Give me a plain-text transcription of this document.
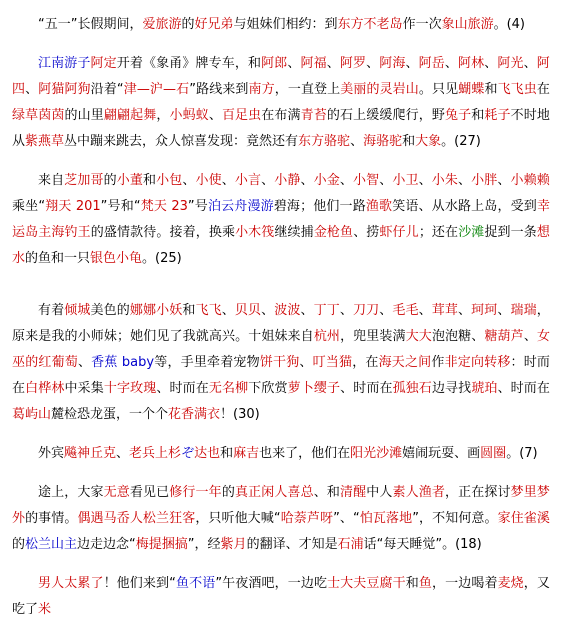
“五一”长假期间，爱旅游的好兄弟与姐妹们相约：到东方不老岛作一次象山旅游。(4)

江南游子阿定开着《象甬》牌专车，和阿郎、阿福、阿罗、阿海、阿岳、阿林、阿光、阿四、阿猫阿狗沿着“津—沪—石”路线来到南方，一直登上美丽的灵岩山。只见蝴蝶和飞飞虫在绿草茵茵的山里翩翩起舞，小蚂蚁、百足虫在布满青苔的石上缓缓爬行，野兔子和耗子不时地从紫燕草丛中蹦来跳去，众人惊喜发现：竟然还有东方骆驼、海骆驼和大象。(27)

来自芝加哥的小董和小包、小使、小言、小静、小金、小智、小卫、小朱、小胖、小赖赖乘坐“翔天 201”号和“梵天 23”号泊云舟漫游碧海；他们一路渔歌笑语、从水路上岛，受到幸运岛主海钓王的盛情款待。接着，换乘小木筏继续捕金枪鱼、捞虾仔儿；还在沙滩捉到一条想水的鱼和一只银色小龟。(25)

有着倾城美色的娜娜小妖和飞飞、贝贝、波波、丁丁、刀刀、毛毛、茸茸、珂珂、瑞瑞，原来是我的小师妹；她们见了我就高兴。十姐妹来自杭州，兜里装满大大泡泡糖、糖葫芦、女巫的红葡萄、香蕉 baby等，手里牵着宠物饼干狗、叮当猫，在海天之间作非定向转移：时而在白桦林中采集十字玫瑰、时而在无名柳下欣赏萝卜缨子、时而在孤独石边寻找琥珀、时而在葛屿山麓检恐龙蛋，一个个花香满衣！(30)

外宾飚神丘克、老兵上杉ぞ达也和麻吉也来了，他们在阳光沙滩嬉闹玩耍、画圆圈。(7)

途上，大家无意看见已修行一年的真正闲人喜总、和清醒中人素人渔者，正在探讨梦里梦外的事情。偶遇马岙人松兰狂客，只听他大喊“哈萘芦呀”、“怕瓦落地”，不知何意。家住雀溪的松兰山主边走边念“梅提捆搞”，经紫月的翻译、才知是石浦话“每天睡觉”。(18)

男人太累了！他们来到“鱼不语”午夜酒吧，一边吃士大夫豆腐干和鱼，一边喝着麦烧，又吃了米
